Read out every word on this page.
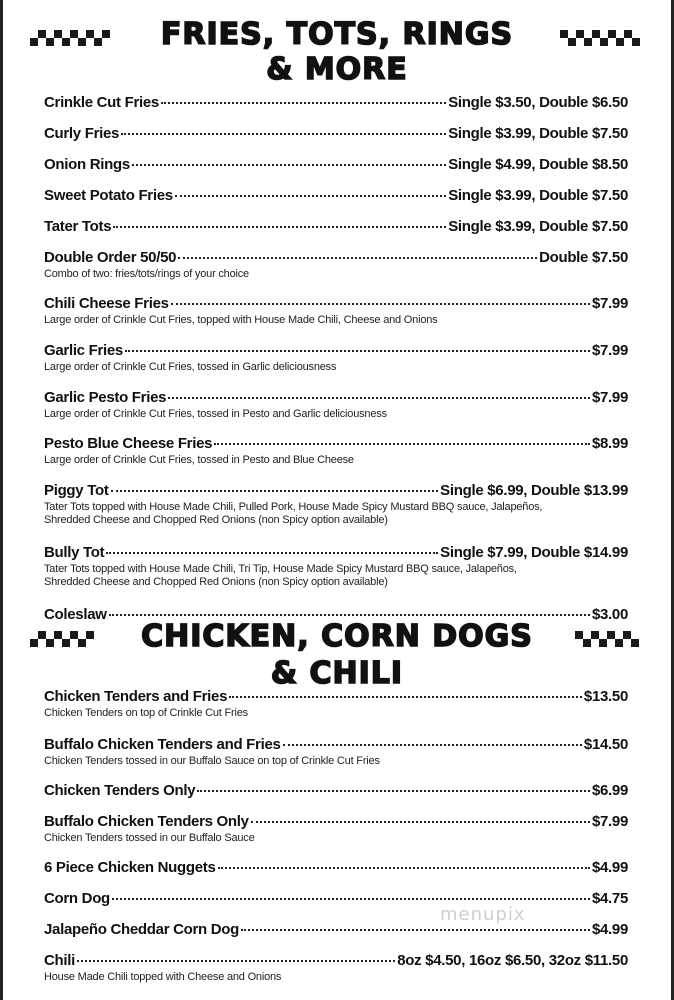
FRIES, TOTS, RINGS
& MORE
Crinkle Cut Fries	Single $3.50, Double $6.50
Curly Fries	Single $3.99, Double $7.50
Onion Rings	Single $4.99, Double $8.50
Sweet Potato Fries	Single $3.99, Double $7.50
Tater Tots	Single $3.99, Double $7.50
Double Order 50/50	Double $7.50
Combo of two: fries/tots/rings of your choice
Chili Cheese Fries	$7.99
Large order of Crinkle Cut Fries, topped with House Made Chili, Cheese and Onions
Garlic Fries	$7.99
Large order of Crinkle Cut Fries, tossed in Garlic deliciousness
Garlic Pesto Fries	$7.99
Large order of Crinkle Cut Fries, tossed in Pesto and Garlic deliciousness
Pesto Blue Cheese Fries	$8.99
Large order of Crinkle Cut Fries, tossed in Pesto and Blue Cheese
Piggy Tot	Single $6.99, Double $13.99
Tater Tots topped with House Made Chili, Pulled Pork, House Made Spicy Mustard BBQ sauce, Jalapeños,
Shredded Cheese and Chopped Red Onions (non Spicy option available)
Bully Tot	Single $7.99, Double $14.99
Tater Tots topped with House Made Chili, Tri Tip, House Made Spicy Mustard BBQ sauce, Jalapeños,
Shredded Cheese and Chopped Red Onions (non Spicy option available)
Coleslaw	$3.00
CHICKEN, CORN DOGS
& CHILI
Chicken Tenders and Fries	$13.50
Chicken Tenders on top of Crinkle Cut Fries
Buffalo Chicken Tenders and Fries	$14.50
Chicken Tenders tossed in our Buffalo Sauce on top of Crinkle Cut Fries
Chicken Tenders Only	$6.99
Buffalo Chicken Tenders Only	$7.99
Chicken Tenders tossed in our Buffalo Sauce
6 Piece Chicken Nuggets	$4.99
Corn Dog	$4.75
Jalapeño Cheddar Corn Dog	$4.99
Chili	8oz $4.50, 16oz $6.50, 32oz $11.50
House Made Chili topped with Cheese and Onions
menupix
